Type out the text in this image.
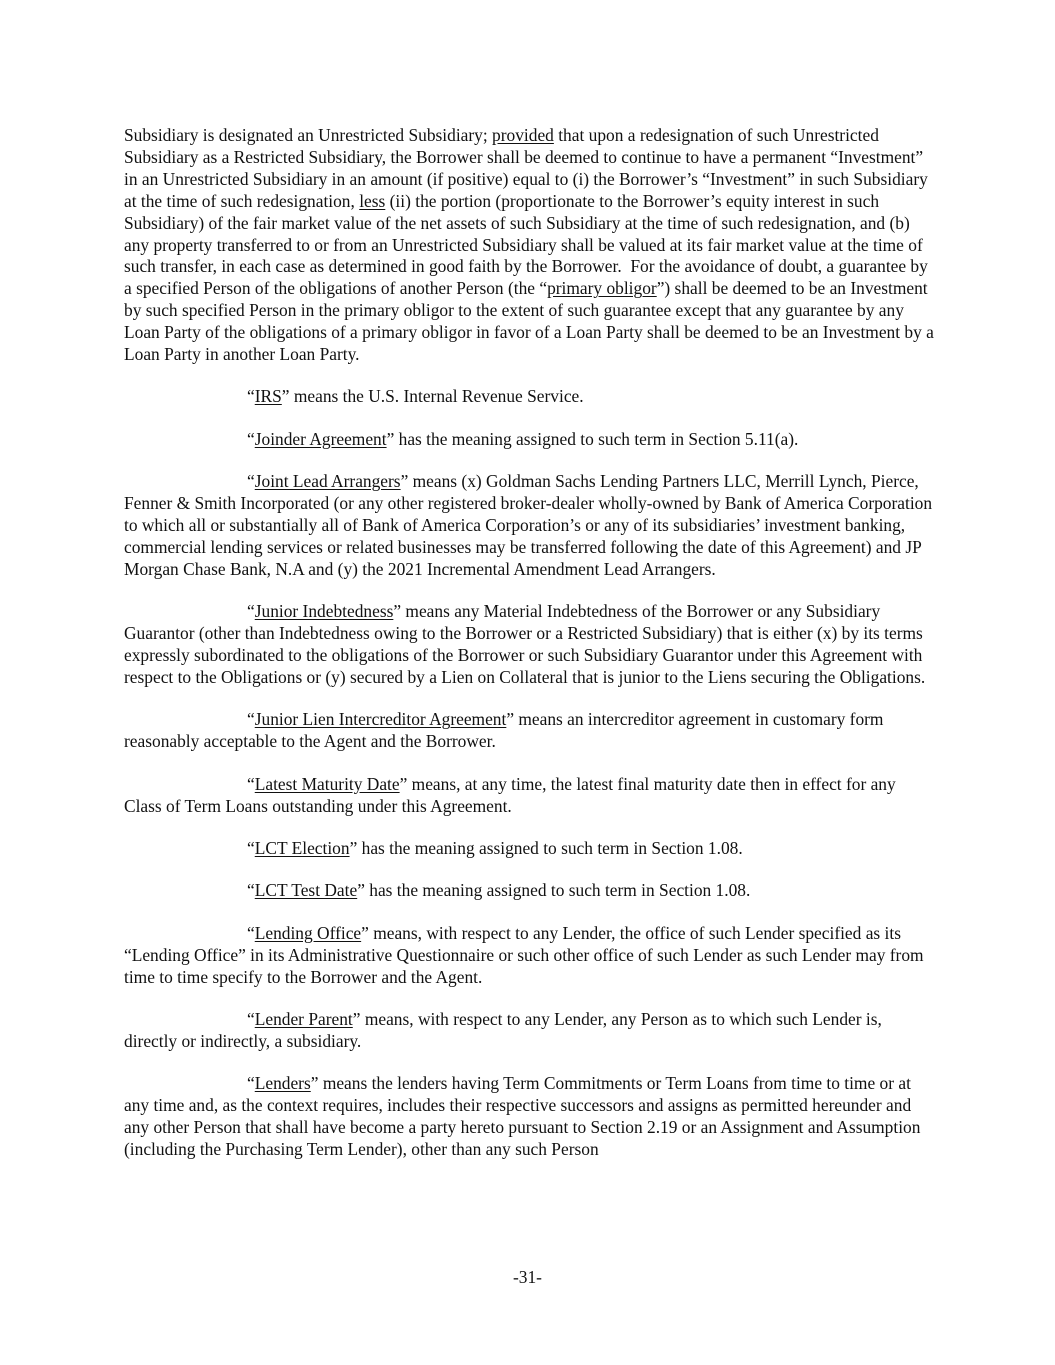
Subsidiary is designated an Unrestricted Subsidiary; provided that upon a redesignation of such Unrestricted Subsidiary as a Restricted Subsidiary, the Borrower shall be deemed to continue to have a permanent “Investment” in an Unrestricted Subsidiary in an amount (if positive) equal to (i) the Borrower’s “Investment” in such Subsidiary at the time of such redesignation, less (ii) the portion (proportionate to the Borrower’s equity interest in such Subsidiary) of the fair market value of the net assets of such Subsidiary at the time of such redesignation, and (b) any property transferred to or from an Unrestricted Subsidiary shall be valued at its fair market value at the time of such transfer, in each case as determined in good faith by the Borrower.  For the avoidance of doubt, a guarantee by a specified Person of the obligations of another Person (the “primary obligor”) shall be deemed to be an Investment by such specified Person in the primary obligor to the extent of such guarantee except that any guarantee by any Loan Party of the obligations of a primary obligor in favor of a Loan Party shall be deemed to be an Investment by a Loan Party in another Loan Party.

“IRS” means the U.S. Internal Revenue Service.

“Joinder Agreement” has the meaning assigned to such term in Section 5.11(a).

“Joint Lead Arrangers” means (x) Goldman Sachs Lending Partners LLC, Merrill Lynch, Pierce, Fenner & Smith Incorporated (or any other registered broker-dealer wholly-owned by Bank of America Corporation to which all or substantially all of Bank of America Corporation’s or any of its subsidiaries’ investment banking, commercial lending services or related businesses may be transferred following the date of this Agreement) and JP Morgan Chase Bank, N.A and (y) the 2021 Incremental Amendment Lead Arrangers.

“Junior Indebtedness” means any Material Indebtedness of the Borrower or any Subsidiary Guarantor (other than Indebtedness owing to the Borrower or a Restricted Subsidiary) that is either (x) by its terms expressly subordinated to the obligations of the Borrower or such Subsidiary Guarantor under this Agreement with respect to the Obligations or (y) secured by a Lien on Collateral that is junior to the Liens securing the Obligations.

“Junior Lien Intercreditor Agreement” means an intercreditor agreement in customary form reasonably acceptable to the Agent and the Borrower.

“Latest Maturity Date” means, at any time, the latest final maturity date then in effect for any Class of Term Loans outstanding under this Agreement.

“LCT Election” has the meaning assigned to such term in Section 1.08.

“LCT Test Date” has the meaning assigned to such term in Section 1.08.

“Lending Office” means, with respect to any Lender, the office of such Lender specified as its “Lending Office” in its Administrative Questionnaire or such other office of such Lender as such Lender may from time to time specify to the Borrower and the Agent.

“Lender Parent” means, with respect to any Lender, any Person as to which such Lender is, directly or indirectly, a subsidiary.

“Lenders” means the lenders having Term Commitments or Term Loans from time to time or at any time and, as the context requires, includes their respective successors and assigns as permitted hereunder and any other Person that shall have become a party hereto pursuant to Section 2.19 or an Assignment and Assumption (including the Purchasing Term Lender), other than any such Person

-31-
